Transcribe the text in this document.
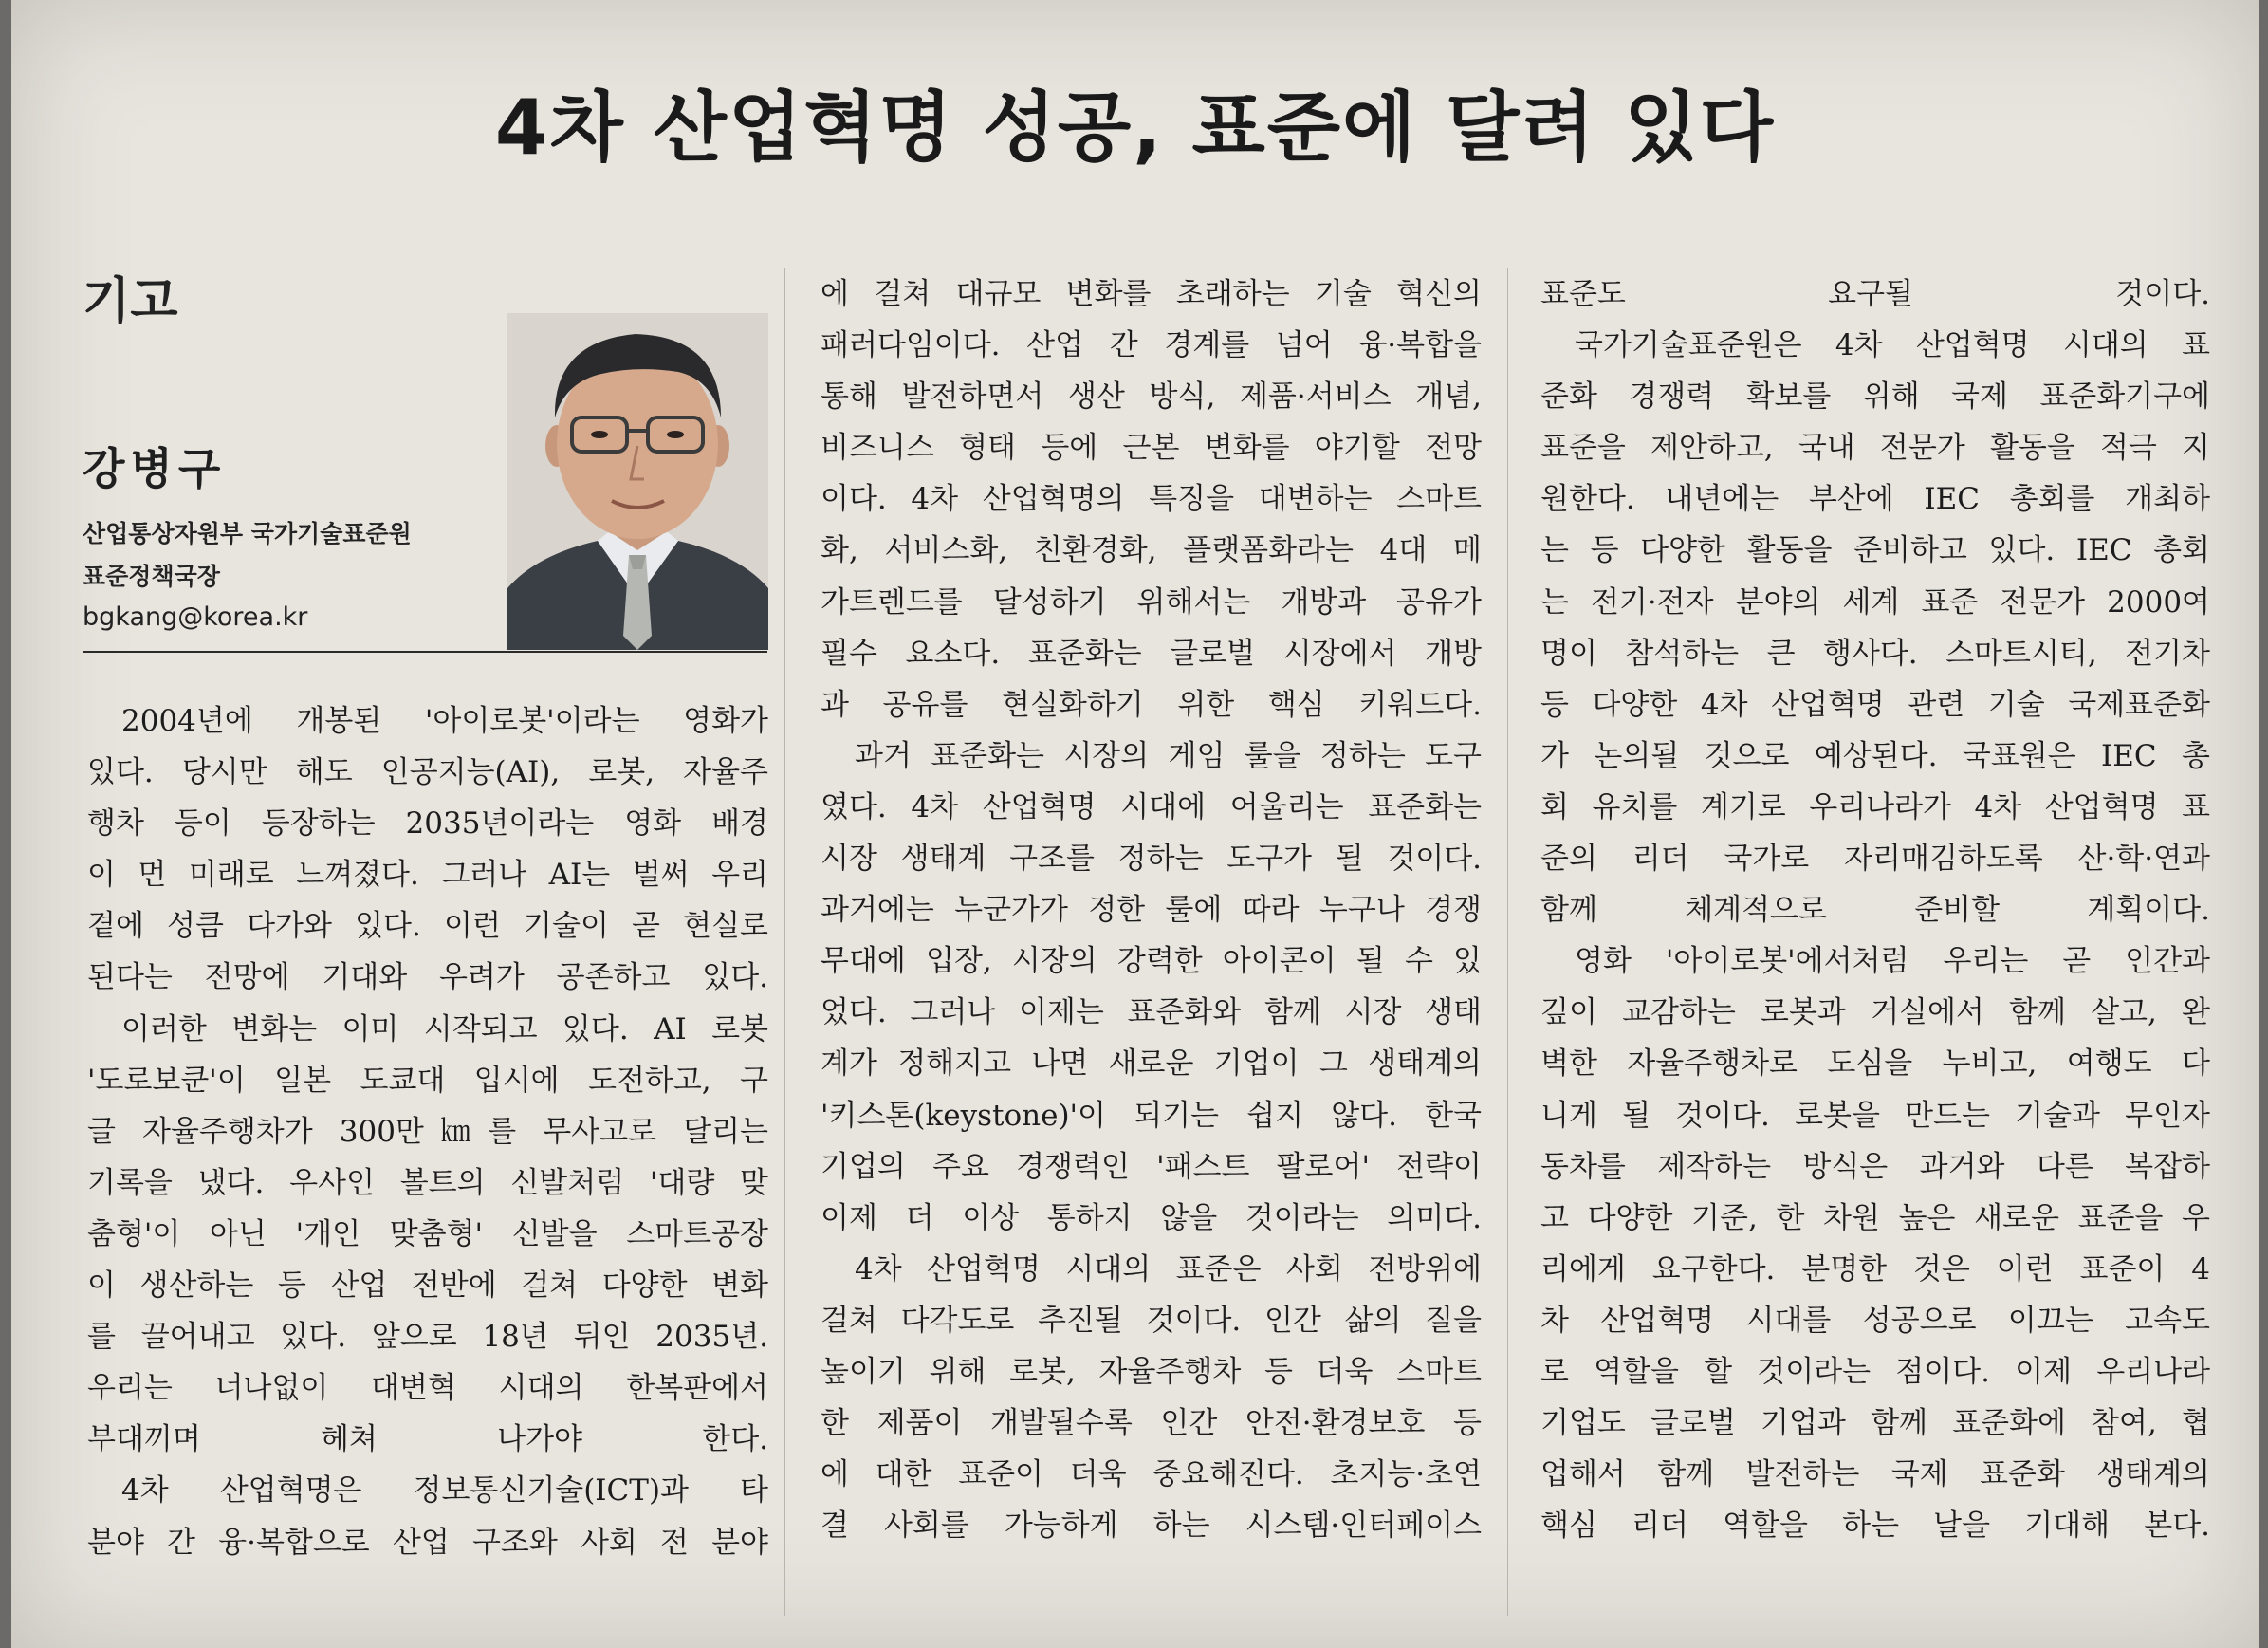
4차 산업혁명 성공, 표준에 달려 있다
기고
강병구
산업통상자원부 국가기술표준원
표준정책국장
bgkang@korea.kr
2004년에 개봉된 '아이로봇'이라는 영화가
있다. 당시만 해도 인공지능(AI), 로봇, 자율주
행차 등이 등장하는 2035년이라는 영화 배경
이 먼 미래로 느껴졌다. 그러나 AI는 벌써 우리
곁에 성큼 다가와 있다. 이런 기술이 곧 현실로
된다는 전망에 기대와 우려가 공존하고 있다.
이러한 변화는 이미 시작되고 있다. AI 로봇
'도로보쿤'이 일본 도쿄대 입시에 도전하고, 구
글 자율주행차가 300만㎞를 무사고로 달리는
기록을 냈다. 우사인 볼트의 신발처럼 '대량 맞
춤형'이 아닌 '개인 맞춤형' 신발을 스마트공장
이 생산하는 등 산업 전반에 걸쳐 다양한 변화
를 끌어내고 있다. 앞으로 18년 뒤인 2035년.
우리는 너나없이 대변혁 시대의 한복판에서
부대끼며 헤쳐 나가야 한다.
4차 산업혁명은 정보통신기술(ICT)과 타
분야 간 융·복합으로 산업 구조와 사회 전 분야
에 걸쳐 대규모 변화를 초래하는 기술 혁신의
패러다임이다. 산업 간 경계를 넘어 융·복합을
통해 발전하면서 생산 방식, 제품·서비스 개념,
비즈니스 형태 등에 근본 변화를 야기할 전망
이다. 4차 산업혁명의 특징을 대변하는 스마트
화, 서비스화, 친환경화, 플랫폼화라는 4대 메
가트렌드를 달성하기 위해서는 개방과 공유가
필수 요소다. 표준화는 글로벌 시장에서 개방
과 공유를 현실화하기 위한 핵심 키워드다.
과거 표준화는 시장의 게임 룰을 정하는 도구
였다. 4차 산업혁명 시대에 어울리는 표준화는
시장 생태계 구조를 정하는 도구가 될 것이다.
과거에는 누군가가 정한 룰에 따라 누구나 경쟁
무대에 입장, 시장의 강력한 아이콘이 될 수 있
었다. 그러나 이제는 표준화와 함께 시장 생태
계가 정해지고 나면 새로운 기업이 그 생태계의
'키스톤(keystone)'이 되기는 쉽지 않다. 한국
기업의 주요 경쟁력인 '패스트 팔로어' 전략이
이제 더 이상 통하지 않을 것이라는 의미다.
4차 산업혁명 시대의 표준은 사회 전방위에
걸쳐 다각도로 추진될 것이다. 인간 삶의 질을
높이기 위해 로봇, 자율주행차 등 더욱 스마트
한 제품이 개발될수록 인간 안전·환경보호 등
에 대한 표준이 더욱 중요해진다. 초지능·초연
결 사회를 가능하게 하는 시스템·인터페이스
표준도 요구될 것이다.
국가기술표준원은 4차 산업혁명 시대의 표
준화 경쟁력 확보를 위해 국제 표준화기구에
표준을 제안하고, 국내 전문가 활동을 적극 지
원한다. 내년에는 부산에 IEC 총회를 개최하
는 등 다양한 활동을 준비하고 있다. IEC 총회
는 전기·전자 분야의 세계 표준 전문가 2000여
명이 참석하는 큰 행사다. 스마트시티, 전기차
등 다양한 4차 산업혁명 관련 기술 국제표준화
가 논의될 것으로 예상된다. 국표원은 IEC 총
회 유치를 계기로 우리나라가 4차 산업혁명 표
준의 리더 국가로 자리매김하도록 산·학·연과
함께 체계적으로 준비할 계획이다.
영화 '아이로봇'에서처럼 우리는 곧 인간과
깊이 교감하는 로봇과 거실에서 함께 살고, 완
벽한 자율주행차로 도심을 누비고, 여행도 다
니게 될 것이다. 로봇을 만드는 기술과 무인자
동차를 제작하는 방식은 과거와 다른 복잡하
고 다양한 기준, 한 차원 높은 새로운 표준을 우
리에게 요구한다. 분명한 것은 이런 표준이 4
차 산업혁명 시대를 성공으로 이끄는 고속도
로 역할을 할 것이라는 점이다. 이제 우리나라
기업도 글로벌 기업과 함께 표준화에 참여, 협
업해서 함께 발전하는 국제 표준화 생태계의
핵심 리더 역할을 하는 날을 기대해 본다.
